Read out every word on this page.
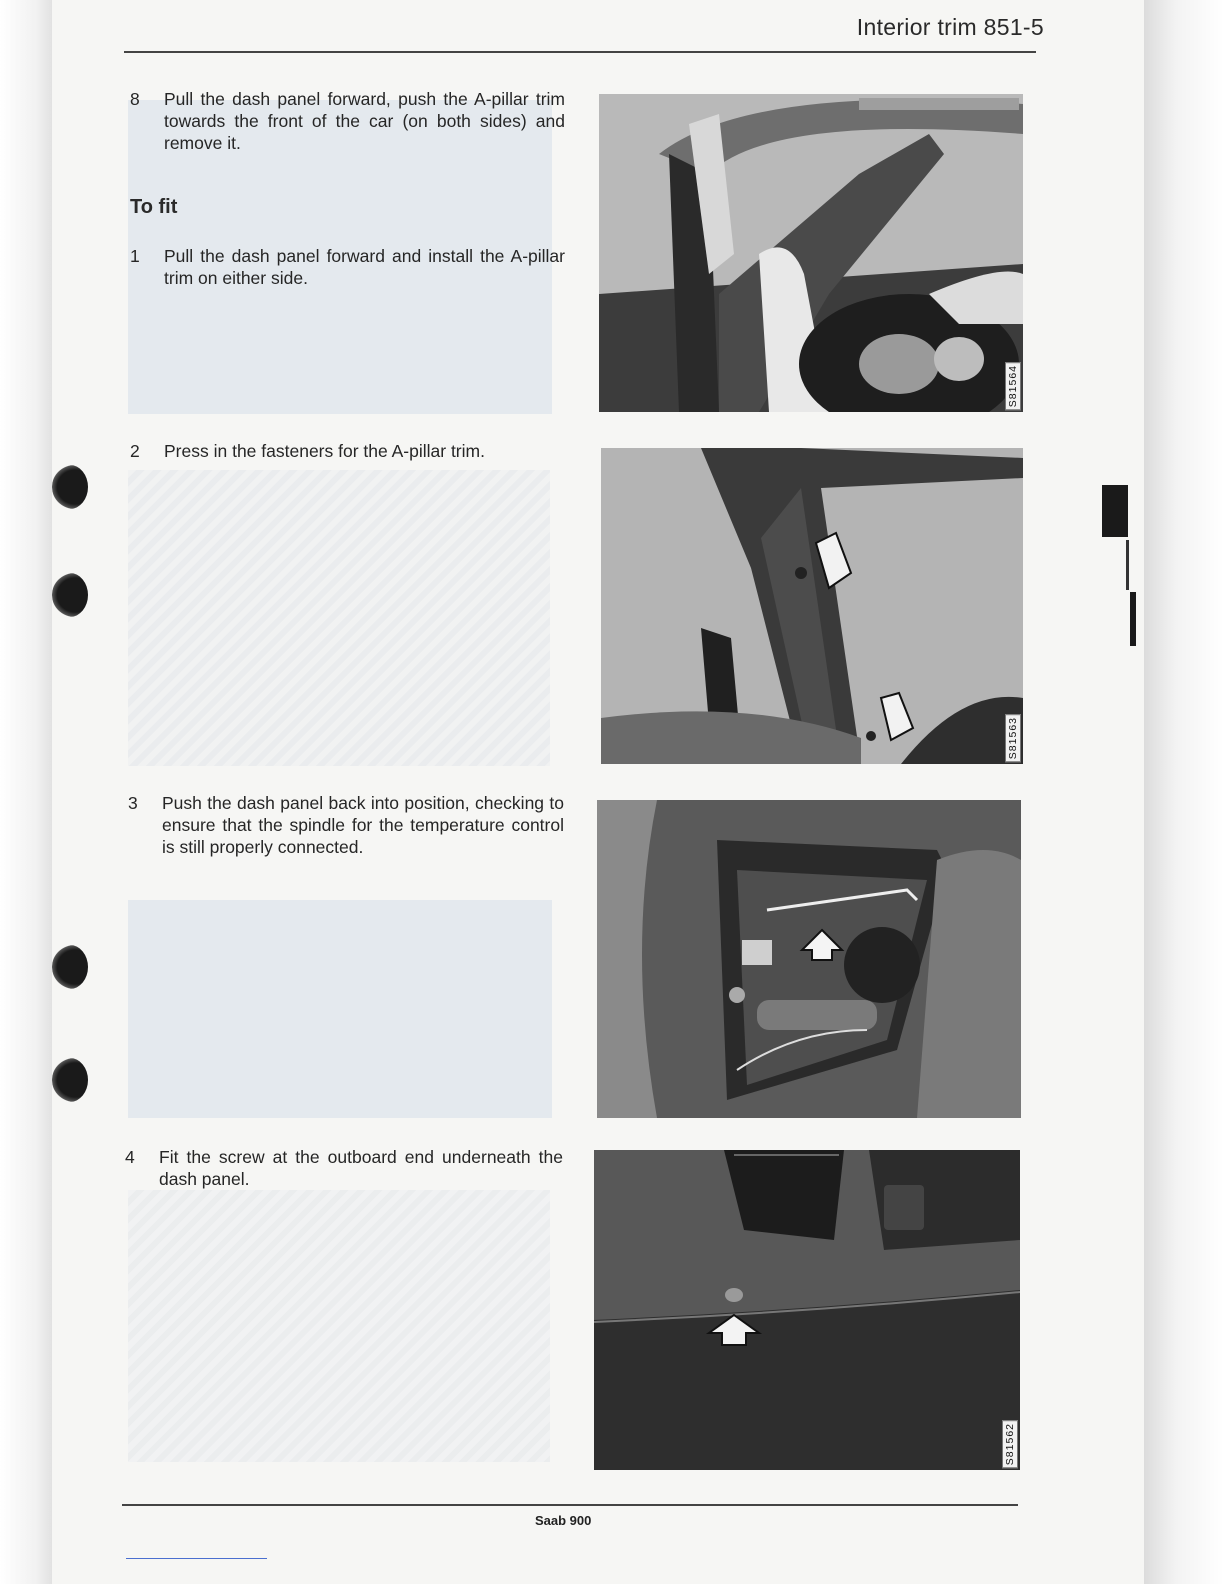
Interior trim 851-5
8 Pull the dash panel forward, push the A-pillar trim towards the front of the car (on both sides) and remove it.
To fit
1 Pull the dash panel forward and install the A-pillar trim on either side.
2 Press in the fasteners for the A-pillar trim.
3 Push the dash panel back into position, checking to ensure that the spindle for the temperature control is still properly connected.
4 Fit the screw at the outboard end underneath the dash panel.
S81564
S81563
S81562
Saab 900
